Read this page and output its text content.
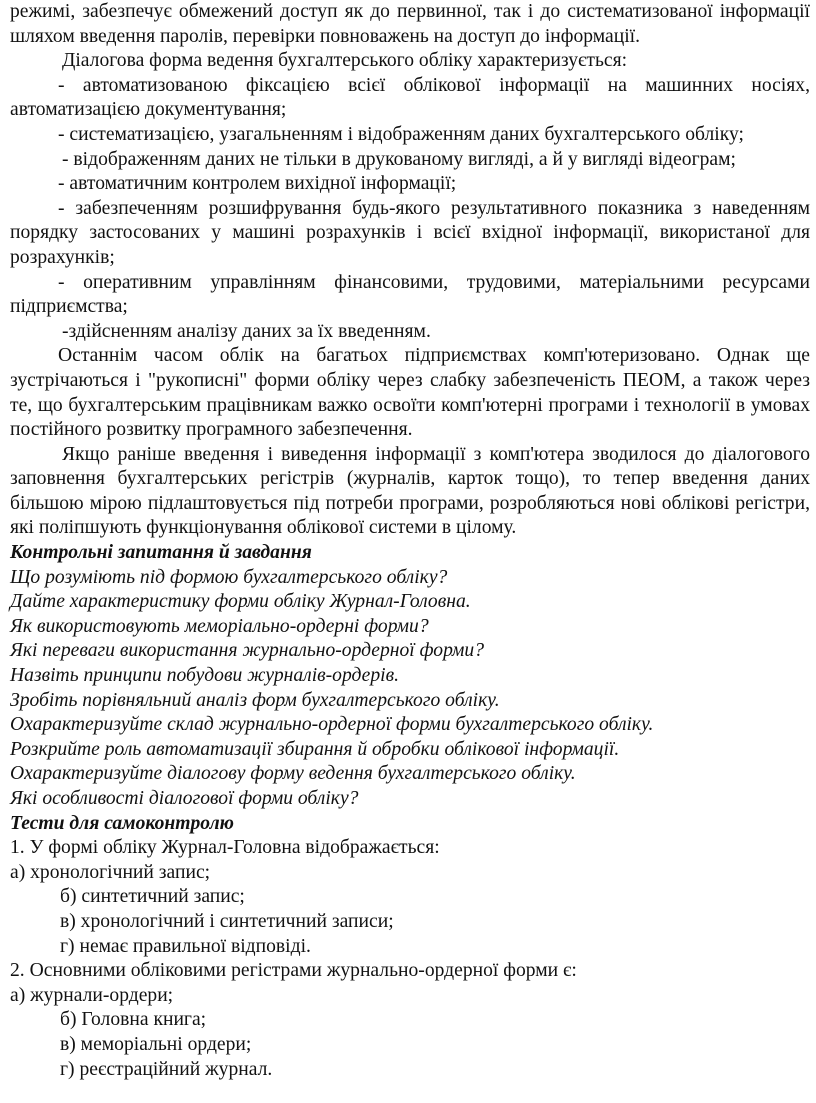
режимі, забезпечує обмежений доступ як до первинної, так і до систематизованої інформації шляхом введення паролів, перевірки повноважень на доступ до інформації.

Діалогова форма ведення бухгалтерського обліку характеризується:

- автоматизованою фіксацією всієї облікової інформації на машинних носіях, автоматизацією документування;

- систематизацією, узагальненням і відображенням даних бухгалтерського обліку;

- відображенням даних не тільки в друкованому вигляді, а й у вигляді відеограм;

- автоматичним контролем вихідної інформації;

- забезпеченням розшифрування будь-якого результативного показника з наведенням порядку застосованих у машині розрахунків і всієї вхідної інформації, використаної для розрахунків;

- оперативним управлінням фінансовими, трудовими, матеріальними ресурсами підприємства;

-здійсненням аналізу даних за їх введенням.

Останнім часом облік на багатьох підприємствах комп'ютеризовано. Однак ще зустрічаються і "рукописні" форми обліку через слабку забезпеченість ПЕОМ, а також через те, що бухгалтерським працівникам важко освоїти комп'ютерні програми і технології в умовах постійного розвитку програмного забезпечення.

Якщо раніше введення і виведення інформації з комп'ютера зводилося до діалогового заповнення бухгалтерських регістрів (журналів, карток тощо), то тепер введення даних більшою мірою підлаштовується під потреби програми, розробляються нові облікові регістри, які поліпшують функціонування облікової системи в цілому.

Контрольні запитання й завдання

Що розуміють під формою бухгалтерського обліку?

Дайте характеристику форми обліку Журнал-Головна.

Як використовують меморіально-ордерні форми?

Які переваги використання журнально-ордерної форми?

Назвіть принципи побудови журналів-ордерів.

Зробіть порівняльний аналіз форм бухгалтерського обліку.

Охарактеризуйте склад журнально-ордерної форми бухгалтерського обліку.

Розкрийте роль автоматизації збирання й обробки облікової інформації.

Охарактеризуйте діалогову форму ведення бухгалтерського обліку.

Які особливості діалогової форми обліку?

Тести для самоконтролю

1. У формі обліку Журнал-Головна відображається:

а) хронологічний запис;

б) синтетичний запис;

в) хронологічний і синтетичний записи;

г) немає правильної відповіді.

2. Основними обліковими регістрами журнально-ордерної форми є:

а) журнали-ордери;

б) Головна книга;

в) меморіальні ордери;

г) реєстраційний журнал.
